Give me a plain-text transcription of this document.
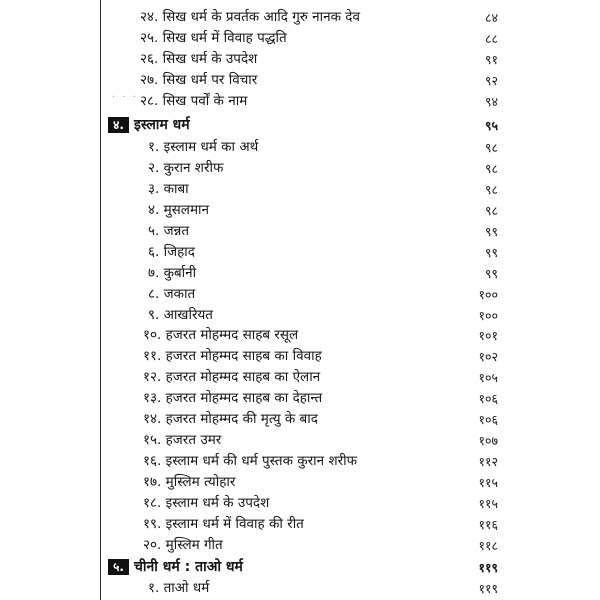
· · ·
२४. सिख धर्म के प्रवर्तक आदि गुरु नानक देव	८४
२५. सिख धर्म में विवाह पद्धति	८८
२६. सिख धर्म के उपदेश	९१
२७. सिख धर्म पर विचार	९२
२८. सिख पर्वों के नाम	९४
४. इस्लाम धर्म	९५
१. इस्लाम धर्म का अर्थ	९८
२. कुरान शरीफ	९८
३. काबा	९८
४. मुसलमान	९८
५. जन्नत	९९
६. जिहाद	९९
७. कुर्बानी	९९
८. जकात	१००
९. आखरियत	१००
१०. हजरत मोहम्मद साहब रसूल	१०१
११. हजरत मोहम्मद साहब का विवाह	१०२
१२. हजरत मोहम्मद साहब का ऐलान	१०५
१३. हजरत मोहम्मद साहब का देहान्त	१०६
१४. हजरत मोहम्मद की मृत्यु के बाद	१०६
१५. हजरत उमर	१०७
१६. इस्लाम धर्म की धर्म पुस्तक कुरान शरीफ	११२
१७. मुस्लिम त्योहार	११५
१८. इस्लाम धर्म के उपदेश	११५
१९. इस्लाम धर्म में विवाह की रीत	११६
२०. मुस्लिम गीत	११८
५. चीनी धर्म : ताओ धर्म	११९
१. ताओ धर्म	११९
